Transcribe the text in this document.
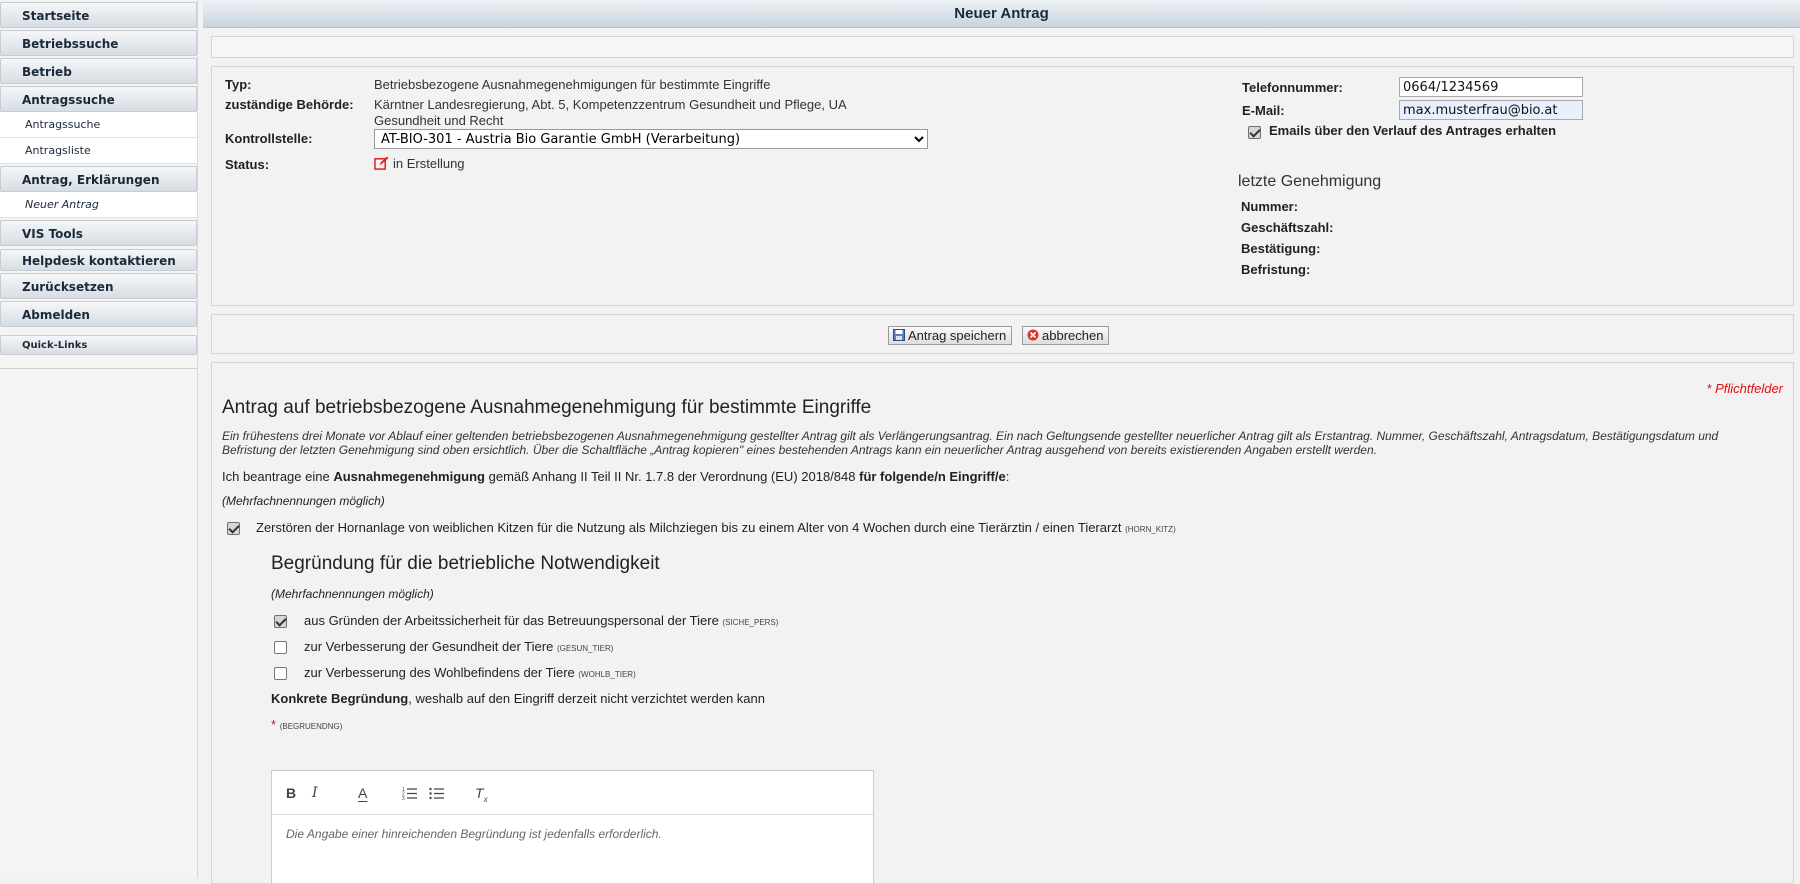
Startseite
Betriebssuche
Betrieb
Antragssuche
Antragssuche
Antragsliste
Antrag, Erklärungen
Neuer Antrag
VIS Tools
Helpdesk kontaktieren
Zurücksetzen
Abmelden
Quick-Links
Neuer Antrag
Typ:	Betriebsbezogene Ausnahmegenehmigungen für bestimmte Eingriffe
zuständige Behörde: Kärntner Landesregierung, Abt. 5, Kompetenzzentrum Gesundheit und Pflege, UA
Gesundheit und Recht
Kontrollstelle:
AT-BIO-301 - Austria Bio Garantie GmbH (Verarbeitung)
Status:	in Erstellung
Telefonnummer:
0664/1234569
E-Mail:
max.musterfrau@bio.at
Emails über den Verlauf des Antrages erhalten
letzte Genehmigung
Nummer:
Geschäftszahl:
Bestätigung:
Befristung:
Antrag speichern	abbrechen
* Pflichtfelder
Antrag auf betriebsbezogene Ausnahmegenehmigung für bestimmte Eingriffe
Ein frühestens drei Monate vor Ablauf einer geltenden betriebsbezogenen Ausnahmegenehmigung gestellter Antrag gilt als Verlängerungsantrag. Ein nach Geltungsende gestellter neuerlicher Antrag gilt als Erstantrag. Nummer, Geschäftszahl, Antragsdatum, Bestätigungsdatum und
Befristung der letzten Genehmigung sind oben ersichtlich. Über die Schaltfläche „Antrag kopieren" eines bestehenden Antrags kann ein neuerlicher Antrag ausgehend von bereits existierenden Angaben erstellt werden.
Ich beantrage eine Ausnahmegenehmigung gemäß Anhang II Teil II Nr. 1.7.8 der Verordnung (EU) 2018/848 für folgende/n Eingriff/e:
(Mehrfachnennungen möglich)
Zerstören der Hornanlage von weiblichen Kitzen für die Nutzung als Milchziegen bis zu einem Alter von 4 Wochen durch eine Tierärztin / einen Tierarzt (HORN_KITZ)
Begründung für die betriebliche Notwendigkeit
(Mehrfachnennungen möglich)
aus Gründen der Arbeitssicherheit für das Betreuungspersonal der Tiere (SICHE_PERS)
zur Verbesserung der Gesundheit der Tiere (GESUN_TIER)
zur Verbesserung des Wohlbefindens der Tiere (WOHLB_TIER)
Konkrete Begründung, weshalb auf den Eingriff derzeit nicht verzichtet werden kann
* (BEGRUENDNG)
B I	A	1
2
3	$T_x$
Die Angabe einer hinreichenden Begründung ist jedenfalls erforderlich.
